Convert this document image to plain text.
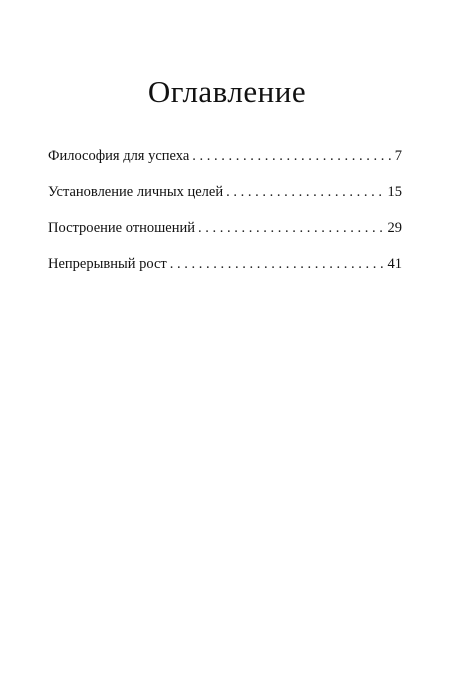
Оглавление
Философия для успеха . . .	7
Установление личных целей . . .	15
Построение отношений . . .	29
Непрерывный рост . . .	41
